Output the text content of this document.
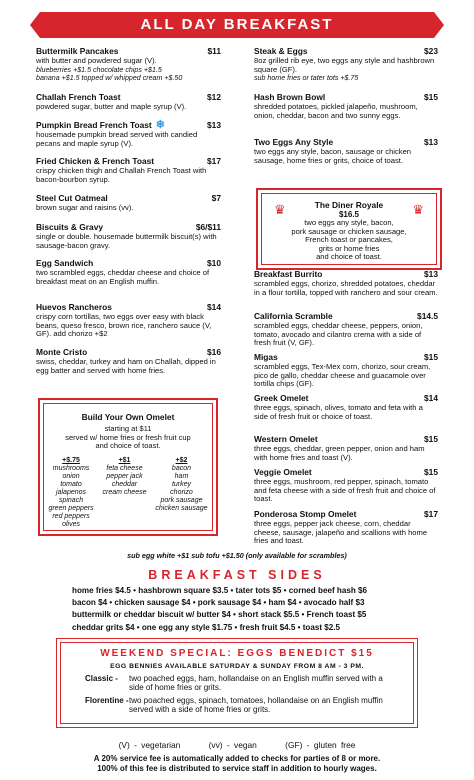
ALL DAY BREAKFAST
Buttermilk Pancakes	$11
with butter and powdered sugar (V).
blueberries +$1.5 chocolate chips +$1.5
banana +$1.5 topped w/ whipped cream +$.50
Challah French Toast	$12
powdered sugar, butter and maple syrup (V).
Pumpkin Bread French Toast ❄	$13
housemade pumpkin bread served with candied pecans and maple syrup (V).
Fried Chicken & French Toast	$17
crispy chicken thigh and Challah French Toast with bacon-bourbon syrup.
Steel Cut Oatmeal	$7
brown sugar and raisins (vv).
Biscuits & Gravy	$6/$11
single or double. housemade buttermilk biscuit(s) with sausage-bacon gravy.
Egg Sandwich	$10
two scrambled eggs, cheddar cheese and choice of breakfast meat on an English muffin.
Huevos Rancheros	$14
crispy corn tortillas, two eggs over easy with black beans, queso fresco, brown rice, ranchero sauce (V, GF). add chorizo +$2
Monte Cristo	$16
swiss, cheddar, turkey and ham on Challah, dipped in egg batter and served with home fries.
Steak & Eggs	$23
8oz grilled rib eye, two eggs any style and hashbrown square (GF).
sub home fries or tater tots +$.75
Hash Brown Bowl	$15
shredded potatoes, pickled jalapeño, mushroom, onion, cheddar, bacon and two sunny eggs.
Two Eggs Any Style	$13
two eggs any style, bacon, sausage or chicken sausage, home fries or grits, choice of toast.
Breakfast Burrito	$13
scrambled eggs, chorizo, shredded potatoes, cheddar in a flour tortilla, topped with ranchero and sour cream.
California Scramble	$14.5
scrambled eggs, cheddar cheese, peppers, onion, tomato, avocado and cilantro crema with a side of fresh fruit (V, GF).
Migas	$15
scrambled eggs, Tex-Mex corn, chorizo, sour cream, pico de gallo, cheddar cheese and guacamole over tortilla chips (GF).
Greek Omelet	$14
three eggs, spinach, olives, tomato and feta with a side of fresh fruit or choice of toast.
Western Omelet	$15
three eggs, cheddar, green pepper, onion and ham with home fries and toast (V).
Veggie Omelet	$15
three eggs, mushroom, red pepper, spinach, tomato and feta cheese with a side of fresh fruit and choice of toast.
Ponderosa Stomp Omelet	$17
three eggs, pepper jack cheese, corn, cheddar cheese, sausage, jalapeño and scallions with home fries and toast.
Build Your Own Omelet
starting at $11
served w/ home fries or fresh fruit cup
and choice of toast.
+$.75
mushrooms
onion
tomato
jalapenos
spinach
green peppers
red peppers
olives
+$1
feta cheese
pepper jack
cheddar
cream cheese
+$2
bacon
ham
turkey
chorizo
pork sausage
chicken sausage
♛	♛
The Diner Royale
$16.5
two eggs any style, bacon,
pork sausage or chicken sausage,
French toast or pancakes,
grits or home fries
and choice of toast.
sub egg white +$1 sub tofu +$1.50 (only available for scrambles)
BREAKFAST SIDES
home fries $4.5 • hashbrown square $3.5 • tater tots $5 • corned beef hash $6
bacon $4 • chicken sausage $4 • pork sausage $4 • ham $4 • avocado half $3
buttermilk or cheddar biscuit w/ butter $4 • short stack $5.5 • French toast $5
cheddar grits $4 • one egg any style $1.75 • fresh fruit $4.5 • toast $2.5
WEEKEND SPECIAL: EGGS BENEDICT $15
EGG BENNIES AVAILABLE SATURDAY & SUNDAY FROM 8 AM - 3 PM.
Classic -	two poached eggs, ham, hollandaise on an English muffin served with a side of home fries or grits.
Florentine - two poached eggs, spinach, tomatoes, hollandaise on an English muffin served with a side of home fries or grits.
(V) - vegetarian	(vv) - vegan	(GF) - gluten free
A 20% service fee is automatically added to checks for parties of 8 or more.
100% of this fee is distributed to service staff in addition to hourly wages.
